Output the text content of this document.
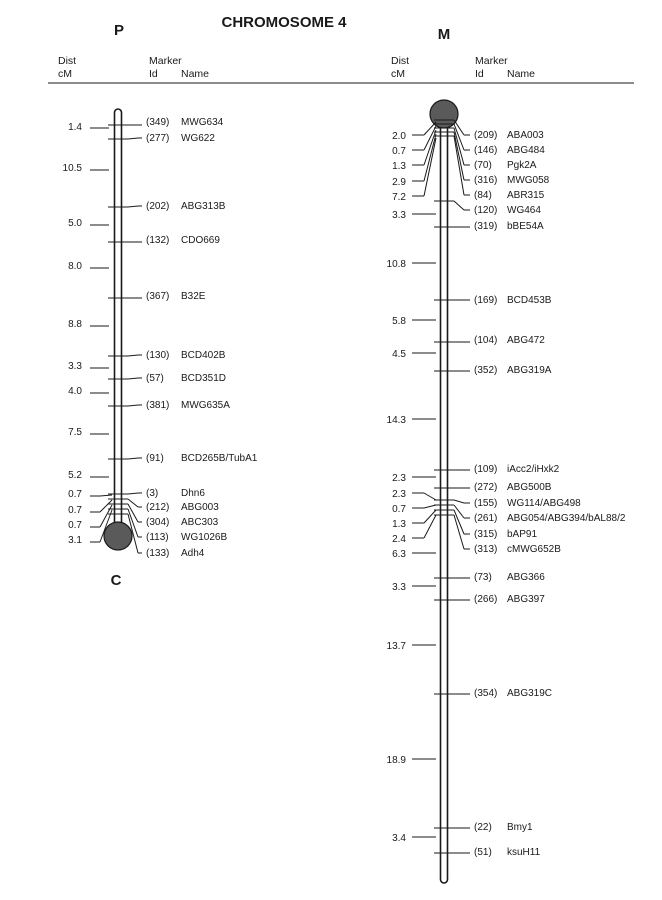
CHROMOSOME 4
P	M
C
Dist
cM
Marker
Id Name
Dist
cM
Marker
Id Name
1.4
10.5
5.0
8.0
8.8
3.3
4.0
7.5
5.2
0.7
0.7
0.7
3.1
(349) MWG634
(277) WG622
(202) ABG313B
(132) CDO669
(367) B32E
(130) BCD402B
(57) BCD351D
(381) MWG635A
(91) BCD265B/TubA1
(3) Dhn6
(212) ABG003
(304) ABC303
(113) WG1026B
(133) Adh4
2.0
0.7
1.3
2.9
7.2
3.3
10.8
5.8
4.5
14.3
2.3
2.3
0.7
1.3
2.4
6.3
3.3
13.7
18.9
3.4
(209) ABA003
(146) ABG484
(70) Pgk2A
(316) MWG058
(84) ABR315
(120) WG464
(319) bBE54A
(169) BCD453B
(104) ABG472
(352) ABG319A
(109) iAcc2/iHxk2
(272) ABG500B
(155) WG114/ABG498
(261) ABG054/ABG394/bAL88/2
(315) bAP91
(313) cMWG652B
(73) ABG366
(266) ABG397
(354) ABG319C
(22) Bmy1
(51) ksuH11
